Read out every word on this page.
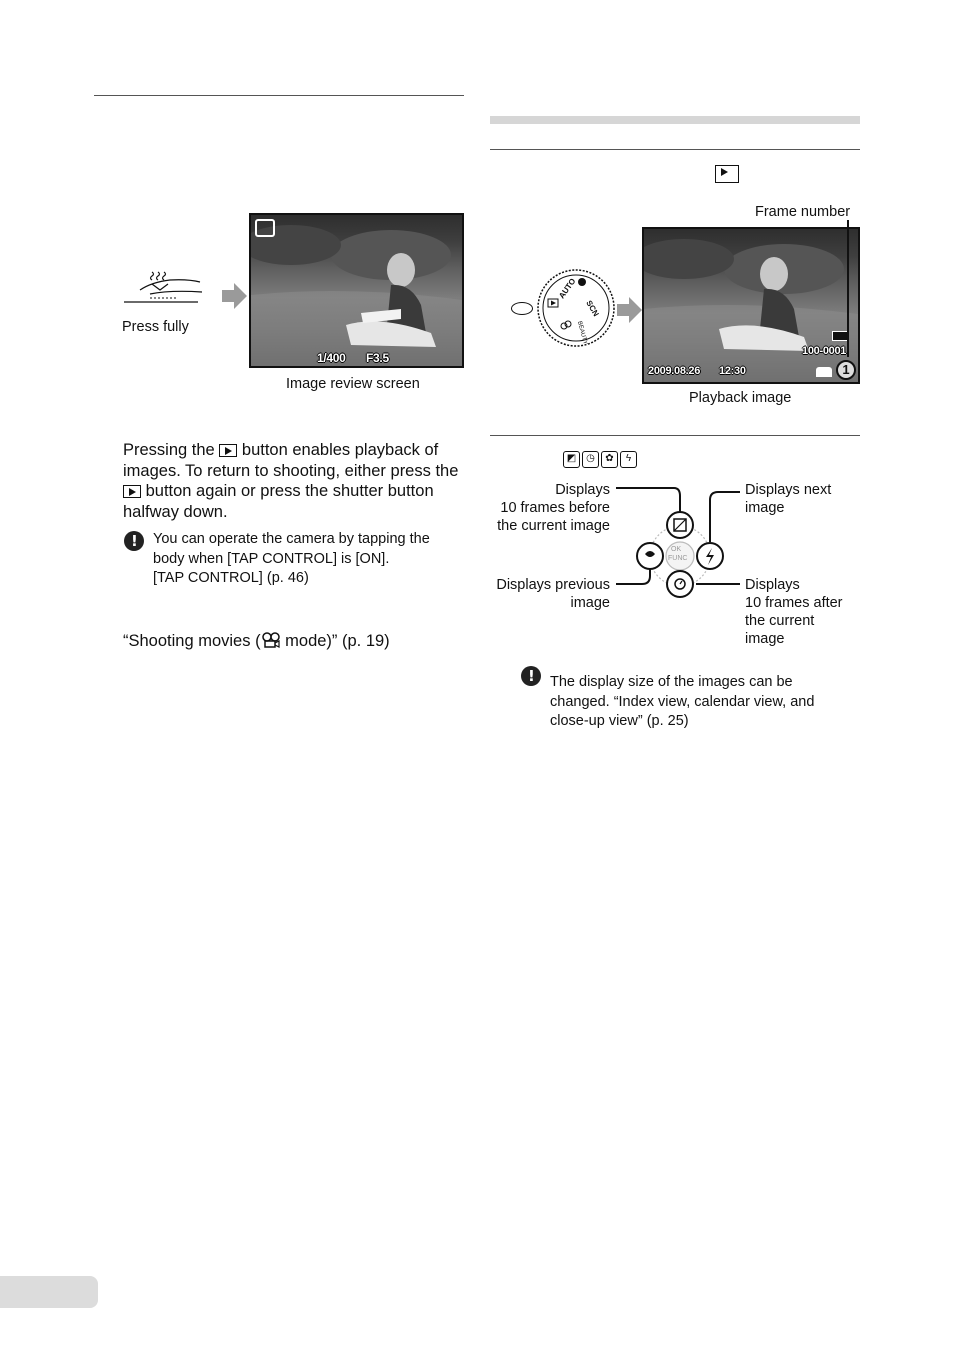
Press fully
1/400 F3.5
Image review screen
Pressing the button enables playback of images. To return to shooting, either press the  button again or press the shutter button halfway down.
!
You can operate the camera by tapping the body when [TAP CONTROL] is [ON].
[TAP CONTROL] (p. 46)
“Shooting movies ( mode)” (p. 19)
Frame number
AUTO
SCN
BEAUTY
100-0001
2009.08.26 12:30	1
Playback image
◩ ◷ ✿ ϟ
OK
FUNC
Displays
10 frames before
the current image
Displays previous
image
Displays next
image
Displays
10 frames after
the current
image
!
The display size of the images can be changed. “Index view, calendar view, and close-up view” (p. 25)
